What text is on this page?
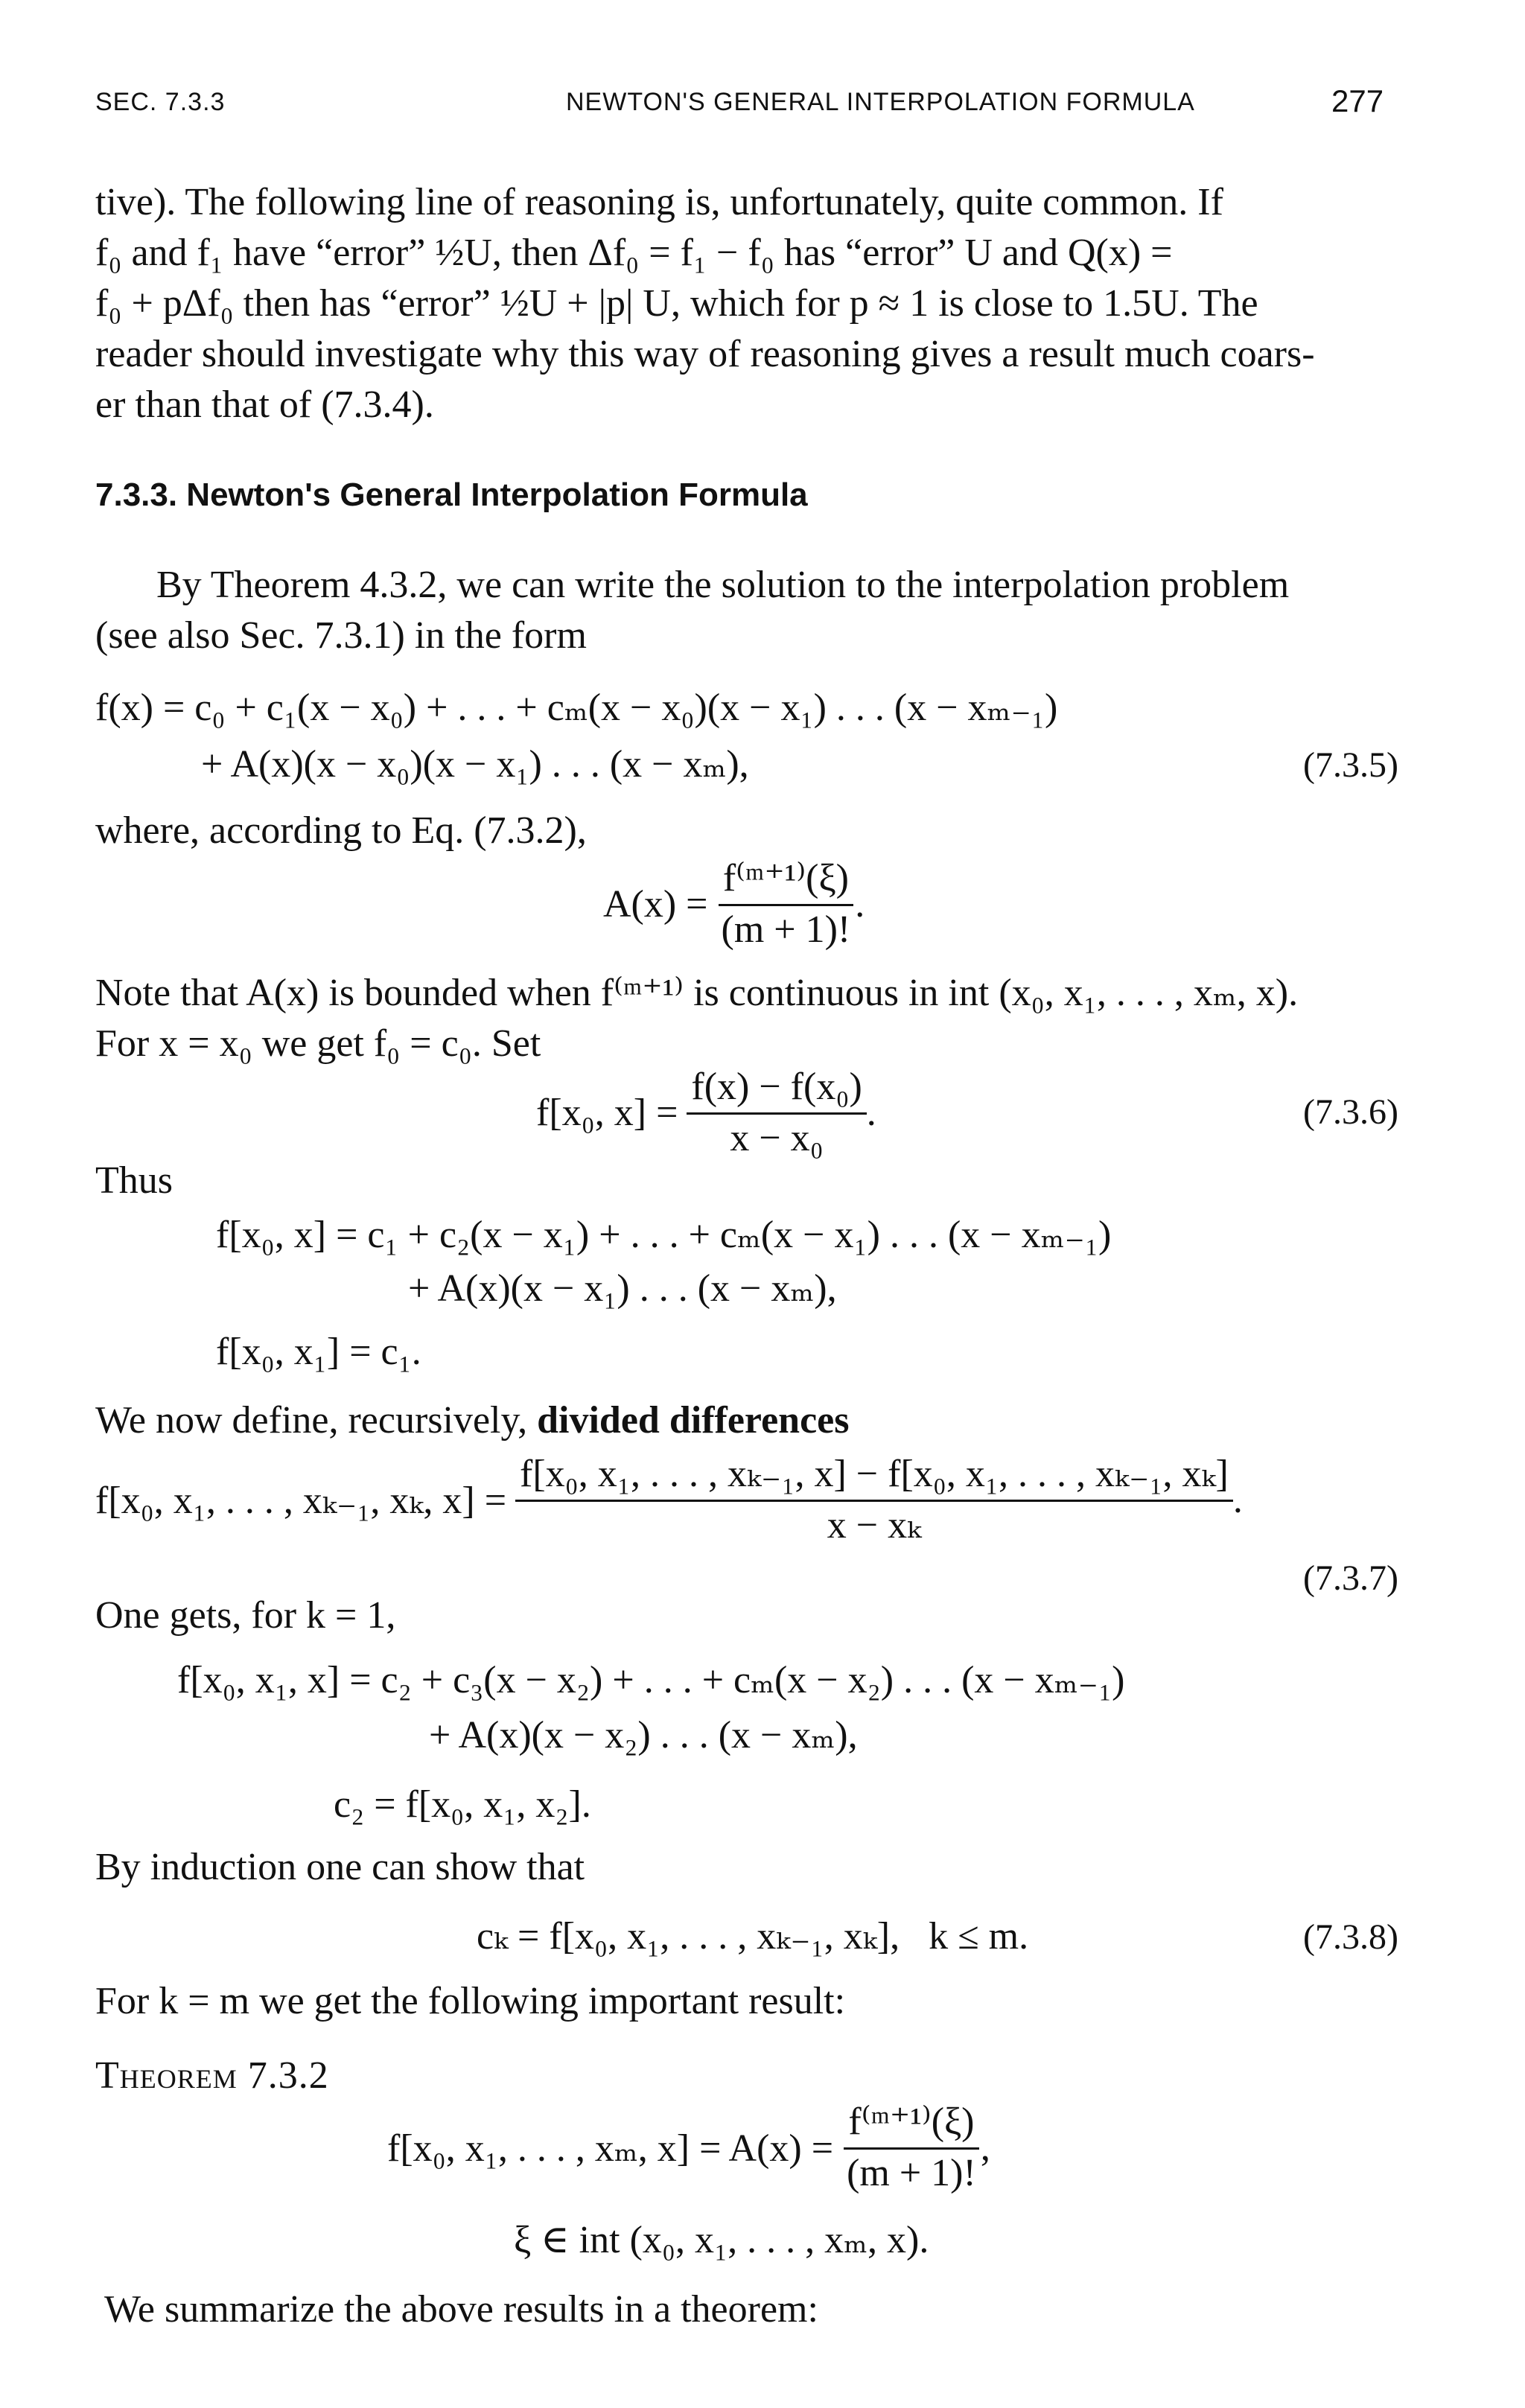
SEC. 7.3.3	NEWTON'S GENERAL INTERPOLATION FORMULA	277
tive). The following line of reasoning is, unfortunately, quite common. If
f₀ and f₁ have “error” ½U, then Δf₀ = f₁ − f₀ has “error” U and Q(x) =
f₀ + pΔf₀ then has “error” ½U + |p| U, which for p ≈ 1 is close to 1.5U. The
reader should investigate why this way of reasoning gives a result much coars-
er than that of (7.3.4).
7.3.3. Newton's General Interpolation Formula
By Theorem 4.3.2, we can write the solution to the interpolation problem
(see also Sec. 7.3.1) in the form
f(x) = c₀ + c₁(x − x₀) + . . . + cₘ(x − x₀)(x − x₁) . . . (x − xₘ₋₁)
+ A(x)(x − x₀)(x − x₁) . . . (x − xₘ),	(7.3.5)
where, according to Eq. (7.3.2),
$A(x) = \frac{\text{f⁽ᵐ⁺¹⁾(ξ)}}{(m + 1)!}$ .
Note that A(x) is bounded when f⁽ᵐ⁺¹⁾ is continuous in int (x₀, x₁, . . . , xₘ, x).
For x = x₀ we get f₀ = c₀. Set
f[x₀, $x] = \frac{\text{f(x) − f(x₀)}}{\text{x − x₀}}$ .	(7.3.6)
Thus
f[x₀, x] = c₁ + c₂(x − x₁) + . . . + cₘ(x − x₁) . . . (x − xₘ₋₁)
+ A(x)(x − x₁) . . . (x − xₘ),
f[x₀, x₁] = c₁.
We now define, recursively, divided differences
f[x₀, x₁, . . . , xₖ₋₁, xₖ, $x] = \frac{\text{f[x₀, x₁, . . . , xₖ₋₁, x] − f[x₀, x₁, . . . , xₖ₋₁, xₖ]}}{\text{x − xₖ}}$ .
(7.3.7)
One gets, for k = 1,
f[x₀, x₁, x] = c₂ + c₃(x − x₂) + . . . + cₘ(x − x₂) . . . (x − xₘ₋₁)
+ A(x)(x − x₂) . . . (x − xₘ),
c₂ = f[x₀, x₁, x₂].
By induction one can show that
cₖ = f[x₀, x₁, . . . , xₖ₋₁, xₖ],   k ≤ m.	(7.3.8)
For k = m we get the following important result:
Theorem 7.3.2
f[x₀, x₁, . . . , xₘ, $x] = A(x) = \frac{\text{f⁽ᵐ⁺¹⁾(ξ)}}{(m + 1)!}$ ,
ξ ∈ int (x₀, x₁, . . . , xₘ, x).
We summarize the above results in a theorem:
